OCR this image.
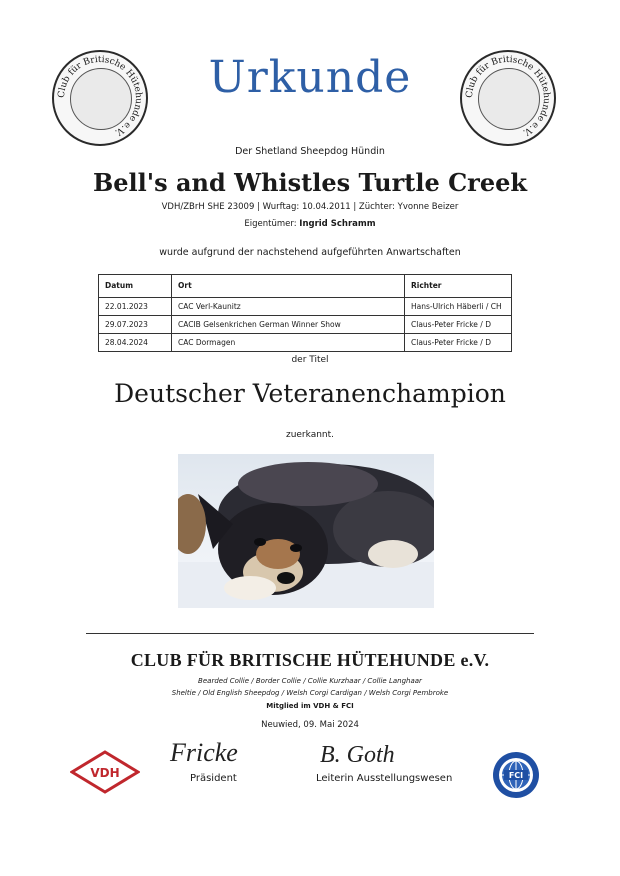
Club für Britische Hütehunde e.V.
Club für Britische Hütehunde e.V.
Urkunde
Der Shetland Sheepdog Hündin
Bell's and Whistles Turtle Creek
VDH/ZBrH SHE 23009 | Wurftag: 10.04.2011 | Züchter: Yvonne Beizer
Eigentümer: Ingrid Schramm
wurde aufgrund der nachstehend aufgeführten Anwartschaften
Datum	Ort	Richter
22.01.2023	CAC Verl-Kaunitz	Hans-Ulrich Häberli / CH
29.07.2023	CACIB Gelsenkrichen German Winner Show	Claus-Peter Fricke / D
28.04.2024	CAC Dormagen	Claus-Peter Fricke / D
der Titel
Deutscher Veteranenchampion
zuerkannt.
CLUB FÜR BRITISCHE HÜTEHUNDE e.V.
Bearded Collie / Border Collie / Collie Kurzhaar / Collie Langhaar
Sheltie / Old English Sheepdog / Welsh Corgi Cardigan / Welsh Corgi Pembroke
Mitglied im VDH & FCI
Neuwied, 09. Mai 2024
VDH
Fricke
Präsident
B. Goth
Leiterin Ausstellungswesen	FCI
